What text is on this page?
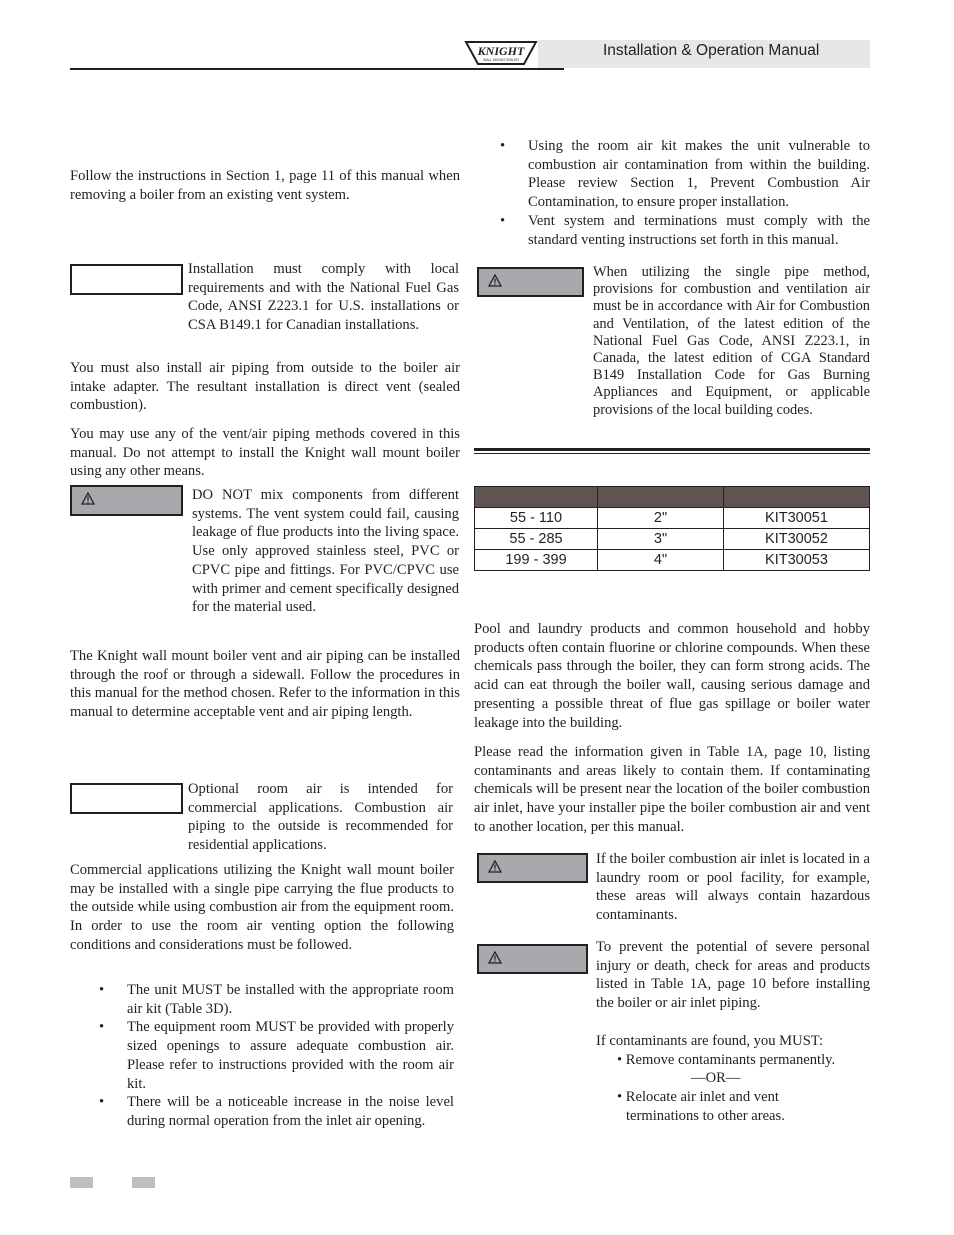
KNIGHT
WALL MOUNT BOILER
Installation & Operation Manual

Follow the instructions in Section 1, page 11 of this manual when removing a boiler from an existing vent system.

Installation must comply with local requirements and with the National Fuel Gas Code, ANSI Z223.1 for U.S. installations or CSA B149.1 for Canadian installations.

You must also install air piping from outside to the boiler air intake adapter. The resultant installation is direct vent (sealed combustion).

You may use any of the vent/air piping methods covered in this manual. Do not attempt to install the Knight wall mount boiler using any other means.

DO NOT mix components from different systems. The vent system could fail, causing leakage of flue products into the living space. Use only approved stainless steel, PVC or CPVC pipe and fittings. For PVC/CPVC use with primer and cement specifically designed for the material used.

The Knight wall mount boiler vent and air piping can be installed through the roof or through a sidewall. Follow the procedures in this manual for the method chosen. Refer to the information in this manual to determine acceptable vent and air piping length.

Optional room air is intended for commercial applications. Combustion air piping to the outside is recommended for residential applications.

Commercial applications utilizing the Knight wall mount boiler may be installed with a single pipe carrying the flue products to the outside while using combustion air from the equipment room. In order to use the room air venting option the following conditions and considerations must be followed.

• The unit MUST be installed with the appropriate room air kit (Table 3D).
• The equipment room MUST be provided with properly sized openings to assure adequate combustion air. Please refer to instructions provided with the room air kit.
• There will be a noticeable increase in the noise level during normal operation from the inlet air opening.
• Using the room air kit makes the unit vulnerable to combustion air contamination from within the building. Please review Section 1, Prevent Combustion Air Contamination, to ensure proper installation.
• Vent system and terminations must comply with the standard venting instructions set forth in this manual.

When utilizing the single pipe method, provisions for combustion and ventilation air must be in accordance with Air for Combustion and Ventilation, of the latest edition of the National Fuel Gas Code, ANSI Z223.1, in Canada, the latest edition of CGA Standard B149 Installation Code for Gas Burning Appliances and Equipment, or applicable provisions of the local building codes.

55 - 110	2"	KIT30051
55 - 285	3"	KIT30052
199 - 399	4"	KIT30053

Pool and laundry products and common household and hobby products often contain fluorine or chlorine compounds. When these chemicals pass through the boiler, they can form strong acids. The acid can eat through the boiler wall, causing serious damage and presenting a possible threat of flue gas spillage or boiler water leakage into the building.

Please read the information given in Table 1A, page 10, listing contaminants and areas likely to contain them. If contaminating chemicals will be present near the location of the boiler combustion air inlet, have your installer pipe the boiler combustion air and vent to another location, per this manual.

If the boiler combustion air inlet is located in a laundry room or pool facility, for example, these areas will always contain hazardous contaminants.

To prevent the potential of severe personal injury or death, check for areas and products listed in Table 1A, page 10 before installing the boiler or air inlet piping.

If contaminants are found, you MUST:
• Remove contaminants permanently.
—OR—
• Relocate air inlet and vent
terminations to other areas.
